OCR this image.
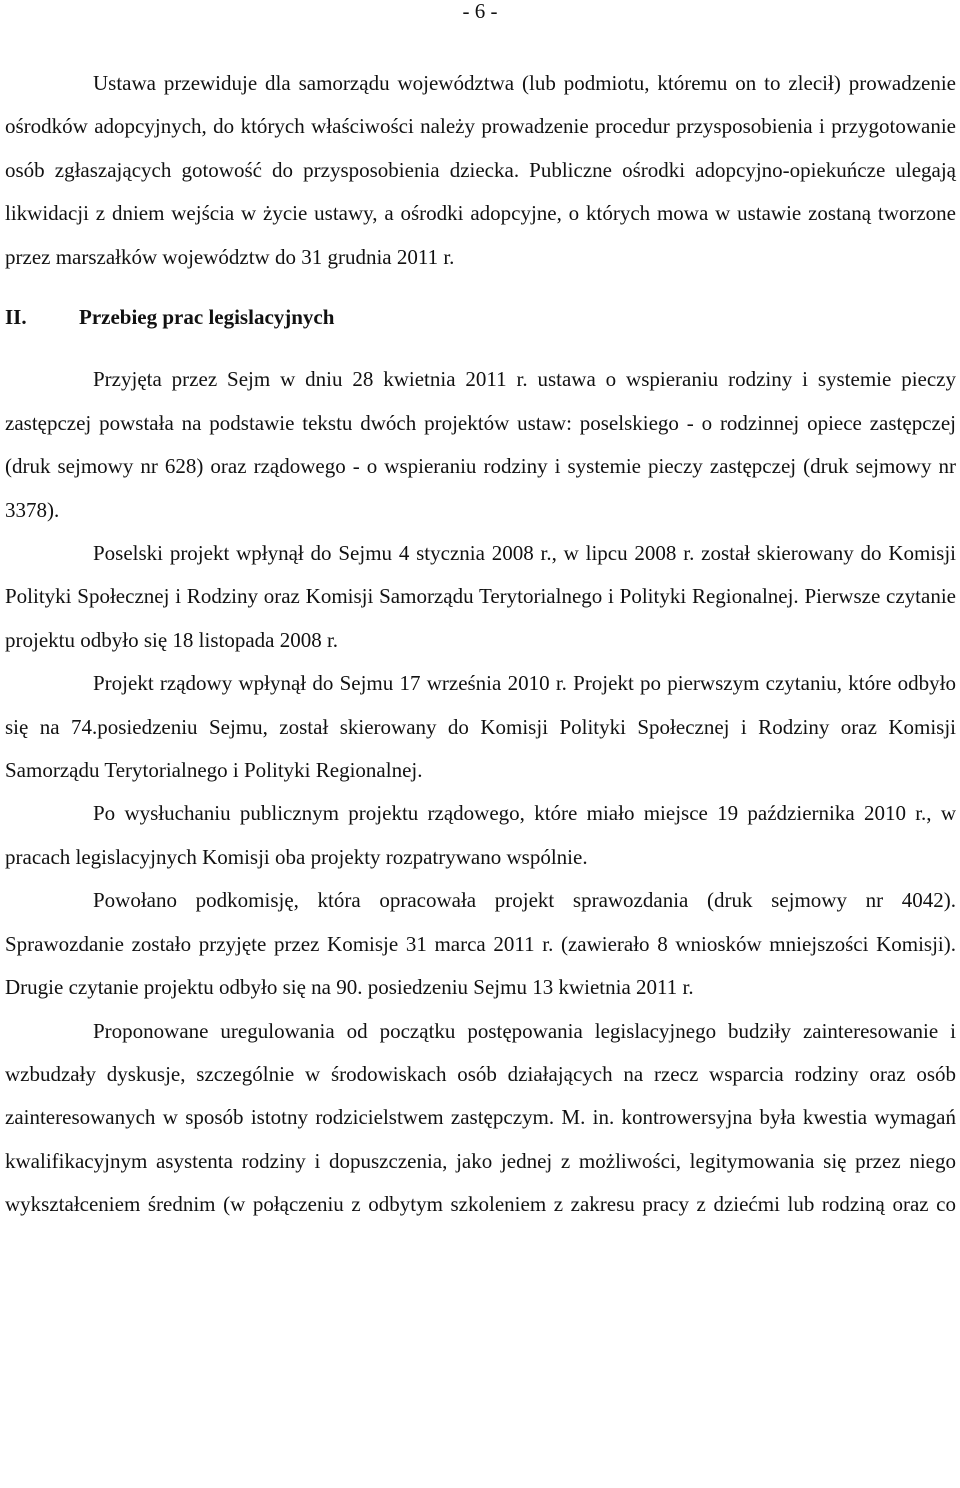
- 6 -

Ustawa przewiduje dla samorządu województwa (lub podmiotu, któremu on to zlecił) prowadzenie ośrodków adopcyjnych, do których właściwości należy prowadzenie procedur przysposobienia i przygotowanie osób zgłaszających gotowość do przysposobienia dziecka. Publiczne ośrodki adopcyjno-opiekuńcze ulegają likwidacji z dniem wejścia w życie ustawy, a ośrodki adopcyjne, o których mowa w ustawie zostaną tworzone przez marszałków województw do 31 grudnia 2011 r.

II. Przebieg prac legislacyjnych

Przyjęta przez Sejm w dniu 28 kwietnia 2011 r. ustawa o wspieraniu rodziny i systemie pieczy zastępczej powstała na podstawie tekstu dwóch projektów ustaw: poselskiego - o rodzinnej opiece zastępczej (druk sejmowy nr 628) oraz rządowego - o wspieraniu rodziny i systemie pieczy zastępczej (druk sejmowy nr 3378).

Poselski projekt wpłynął do Sejmu 4 stycznia 2008 r., w lipcu 2008 r. został skierowany do Komisji Polityki Społecznej i Rodziny oraz Komisji Samorządu Terytorialnego i Polityki Regionalnej. Pierwsze czytanie projektu odbyło się 18 listopada 2008 r.

Projekt rządowy wpłynął do Sejmu 17 września 2010 r. Projekt po pierwszym czytaniu, które odbyło się na 74.posiedzeniu Sejmu, został skierowany do Komisji Polityki Społecznej i Rodziny oraz Komisji Samorządu Terytorialnego i Polityki Regionalnej.

Po wysłuchaniu publicznym projektu rządowego, które miało miejsce 19 października 2010 r., w pracach legislacyjnych Komisji oba projekty rozpatrywano wspólnie.

Powołano podkomisję, która opracowała projekt sprawozdania (druk sejmowy nr 4042). Sprawozdanie zostało przyjęte przez Komisje 31 marca 2011 r. (zawierało 8 wniosków mniejszości Komisji). Drugie czytanie projektu odbyło się na 90. posiedzeniu Sejmu 13 kwietnia 2011 r.

Proponowane uregulowania od początku postępowania legislacyjnego budziły zainteresowanie i wzbudzały dyskusje, szczególnie w środowiskach osób działających na rzecz wsparcia rodziny oraz osób zainteresowanych w sposób istotny rodzicielstwem zastępczym. M. in. kontrowersyjna była kwestia wymagań kwalifikacyjnym asystenta rodziny i dopuszczenia, jako jednej z możliwości, legitymowania się przez niego wykształceniem średnim (w połączeniu z odbytym szkoleniem z zakresu pracy z dziećmi lub rodziną oraz co
